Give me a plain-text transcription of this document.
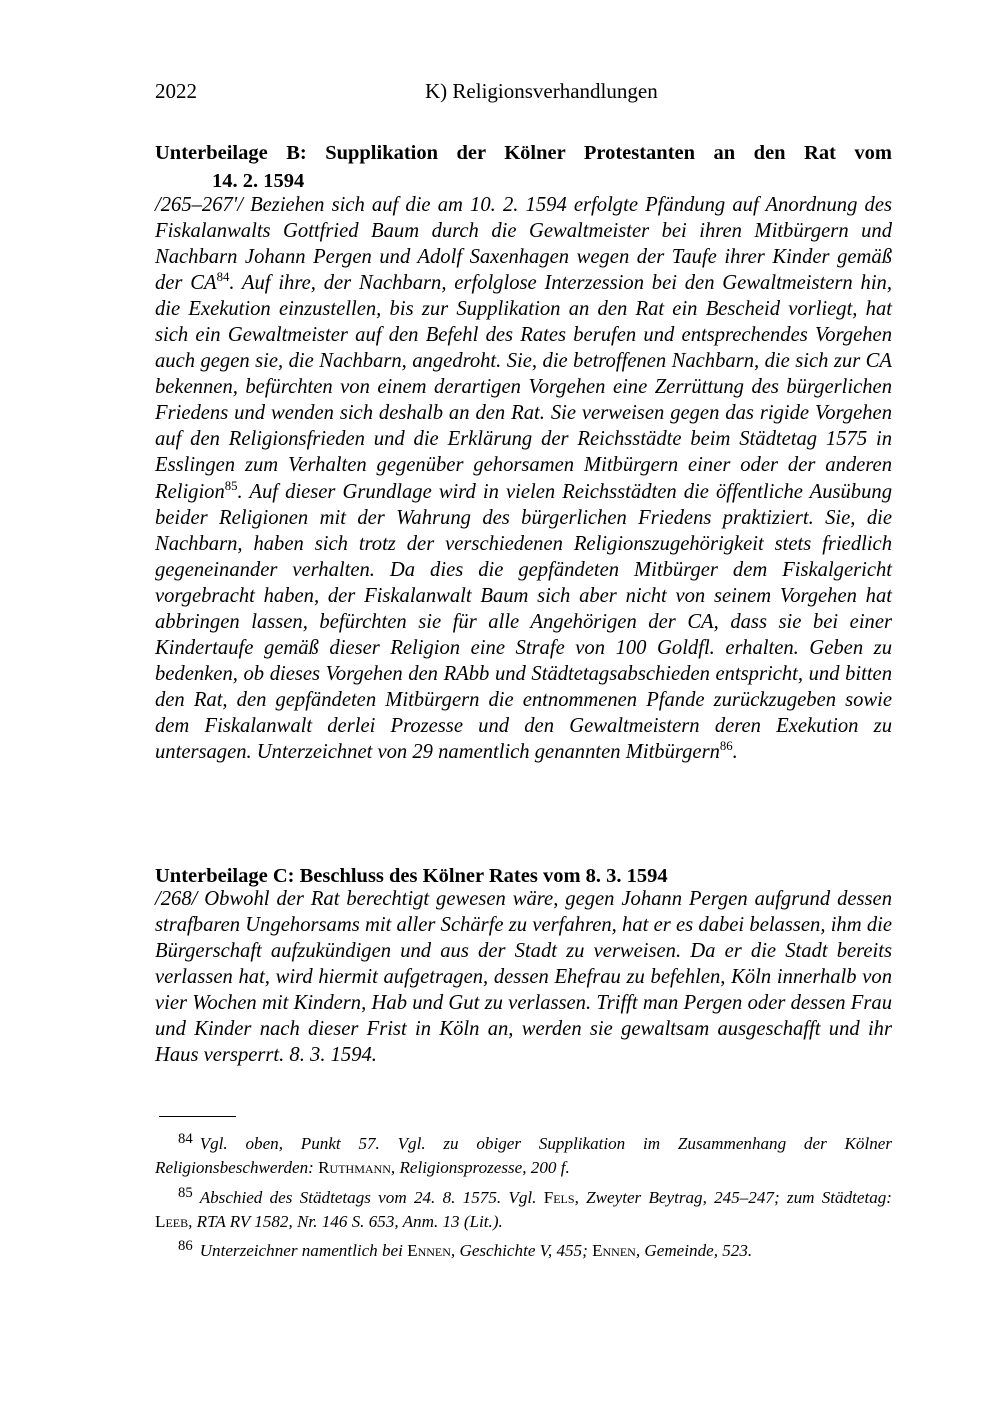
2022	K) Religionsverhandlungen
Unterbeilage B: Supplikation der Kölner Protestanten an den Rat vom
14. 2. 1594
/265–267'/ Beziehen sich auf die am 10. 2. 1594 erfolgte Pfändung auf Anordnung des Fiskalanwalts Gottfried Baum durch die Gewaltmeister bei ihren Mitbürgern und Nachbarn Johann Pergen und Adolf Saxenhagen wegen der Taufe ihrer Kinder gemäß der CA$^{84}$. Auf ihre, der Nachbarn, erfolglose Interzession bei den Gewaltmeistern hin, die Exekution einzustellen, bis zur Supplikation an den Rat ein Bescheid vorliegt, hat sich ein Gewaltmeister auf den Befehl des Rates berufen und entsprechendes Vorgehen auch gegen sie, die Nachbarn, angedroht. Sie, die betroffenen Nachbarn, die sich zur CA bekennen, befürchten von einem derartigen Vorgehen eine Zerrüttung des bürgerlichen Friedens und wenden sich deshalb an den Rat. Sie verweisen gegen das rigide Vorgehen auf den Religionsfrieden und die Erklärung der Reichsstädte beim Städtetag 1575 in Esslingen zum Verhalten gegenüber gehorsamen Mitbürgern einer oder der anderen Religion$^{85}$. Auf dieser Grundlage wird in vielen Reichsstädten die öffentliche Ausübung beider Religionen mit der Wahrung des bürgerlichen Friedens praktiziert. Sie, die Nachbarn, haben sich trotz der verschiedenen Religionszugehörigkeit stets friedlich gegeneinander verhalten. Da dies die gepfändeten Mitbürger dem Fiskalgericht vorgebracht haben, der Fiskalanwalt Baum sich aber nicht von seinem Vorgehen hat abbringen lassen, befürchten sie für alle Angehörigen der CA, dass sie bei einer Kindertaufe gemäß dieser Religion eine Strafe von 100 Goldfl. erhalten. Geben zu bedenken, ob dieses Vorgehen den RAbb und Städtetagsabschieden entspricht, und bitten den Rat, den gepfändeten Mitbürgern die entnommenen Pfande zurückzugeben sowie dem Fiskalanwalt derlei Prozesse und den Gewaltmeistern deren Exekution zu untersagen. Unterzeichnet von 29 namentlich genannten Mitbürgern$^{86}$.
Unterbeilage C: Beschluss des Kölner Rates vom 8. 3. 1594
/268/ Obwohl der Rat berechtigt gewesen wäre, gegen Johann Pergen aufgrund dessen strafbaren Ungehorsams mit aller Schärfe zu verfahren, hat er es dabei belassen, ihm die Bürgerschaft aufzukündigen und aus der Stadt zu verweisen. Da er die Stadt bereits verlassen hat, wird hiermit aufgetragen, dessen Ehefrau zu befehlen, Köln innerhalb von vier Wochen mit Kindern, Hab und Gut zu verlassen. Trifft man Pergen oder dessen Frau und Kinder nach dieser Frist in Köln an, werden sie gewaltsam ausgeschafft und ihr Haus versperrt. 8. 3. 1594.
84 Vgl. oben, Punkt 57. Vgl. zu obiger Supplikation im Zusammenhang der Kölner Religionsbeschwerden: Ruthmann, Religionsprozesse, 200 f.
85 Abschied des Städtetags vom 24. 8. 1575. Vgl. Fels, Zweyter Beytrag, 245–247; zum Städtetag: Leeb, RTA RV 1582, Nr. 146 S. 653, Anm. 13 (Lit.).
86 Unterzeichner namentlich bei Ennen, Geschichte V, 455; Ennen, Gemeinde, 523.
